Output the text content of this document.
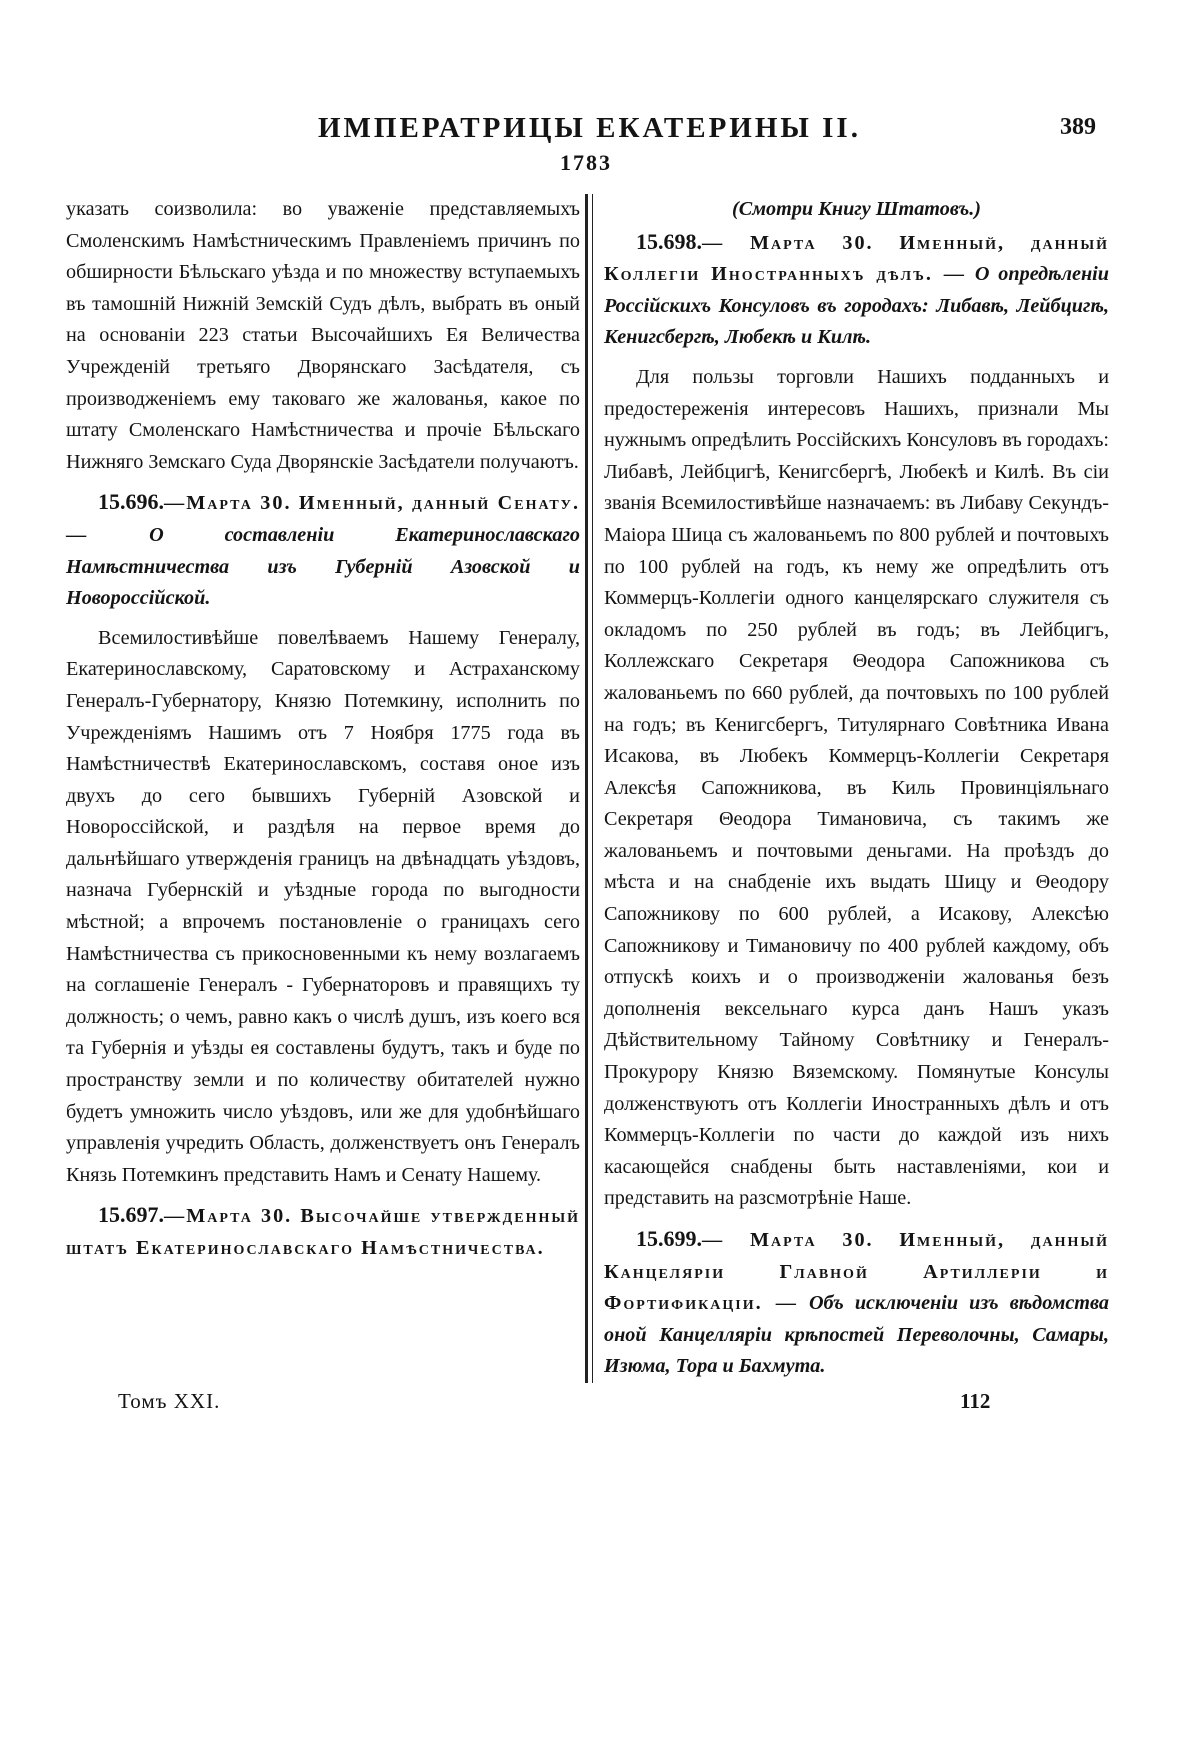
ИМПЕРАТРИЦЫ ЕКАТЕРИНЫ II.	389
1783
указать соизволила: во уваженіе представляемыхъ Смоленскимъ Намѣстническимъ Правленіемъ причинъ по обширности Бѣльскаго уѣзда и по множеству вступаемыхъ въ тамошній Нижній Земскій Судъ дѣлъ, выбрать въ оный на основаніи 223 статьи Высочайшихъ Ея Величества Учрежденій третьяго Дворянскаго Засѣдателя, съ производженіемъ ему таковаго же жалованья, какое по штату Смоленскаго Намѣстничества и прочіе Бѣльскаго Нижняго Земскаго Суда Дворянскіе Засѣдатели получаютъ.
15.696.—Марта 30. Именный, данный Сенату. —	О составленіи Екатеринославскаго Намѣстничества изъ Губерній Азовской и Новороссійской.
Всемилостивѣйше повелѣваемъ Нашему Генералу, Екатеринославскому, Саратовскому и Астраханскому Генералъ-Губернатору, Князю Потемкину, исполнить по Учрежденіямъ Нашимъ отъ 7 Ноября 1775 года въ Намѣстничествѣ Екатеринославскомъ, составя оное изъ двухъ до сего бывшихъ Губерній Азовской и Новороссійской, и раздѣля на первое время до дальнѣйшаго утвержденія границъ на двѣнадцать уѣздовъ, назнача Губернскій и уѣздные города по выгодности мѣстной; а впрочемъ постановленіе о границахъ сего Намѣстничества съ прикосновенными къ нему возлагаемъ на соглашеніе Генералъ - Губернаторовъ и правящихъ ту должность; о чемъ, равно какъ о числѣ душъ, изъ коего вся та Губернія и уѣзды ея составлены будутъ, такъ и буде по пространству земли и по количеству обитателей нужно будетъ умножить число уѣздовъ, или же для удобнѣйшаго управленія учредить Область, долженствуетъ онъ Генералъ Князь Потемкинъ представить Намъ и Сенату Нашему.
15.697.—Марта 30. Высочайше утвержденный штатъ Екатеринославскаго Намѣстничества.
(Смотри Книгу Штатовъ.)
15.698.— Марта 30. Именный, данный Коллегіи Иностранныхъ дѣлъ. — О опредѣленіи Россійскихъ Консуловъ въ городахъ: Либавѣ, Лейбцигѣ, Кенигсбергѣ, Любекѣ и Килѣ.
Для пользы торговли Нашихъ подданныхъ и предостереженія интересовъ Нашихъ, признали Мы нужнымъ опредѣлить Россійскихъ Консуловъ въ городахъ: Либавѣ, Лейбцигѣ, Кенигсбергѣ, Любекѣ и Килѣ. Въ сіи званія Всемилостивѣйше назначаемъ: въ Либаву Секундъ-Маіора Шица съ жалованьемъ по 800 рублей и почтовыхъ по 100 рублей на годъ, къ нему же опредѣлить отъ Коммерцъ-Коллегіи одного канцелярскаго служителя съ окладомъ по 250 рублей въ годъ; въ Лейбцигъ, Коллежскаго Секретаря Θеодора Сапожникова съ жалованьемъ по 660 рублей, да почтовыхъ по 100 рублей на годъ; въ Кенигсбергъ, Титулярнаго Совѣтника Ивана Исакова, въ Любекъ Коммерцъ-Коллегіи Секретаря Алексѣя Сапожникова, въ Киль Провинціяльнаго Секретаря Θеодора Тимановича, съ такимъ же жалованьемъ и почтовыми деньгами. На проѣздъ до мѣста и на снабденіе ихъ выдать Шицу и Θеодору Сапожникову по 600 рублей, а Исакову, Алексѣю Сапожникову и Тимановичу по 400 рублей каждому, объ отпускѣ коихъ и о производженіи жалованья безъ дополненія вексельнаго курса данъ Нашъ указъ Дѣйствительному Тайному Совѣтнику и Генералъ-Прокурору Князю Вяземскому. Помянутые Консулы долженствуютъ отъ Коллегіи Иностранныхъ дѣлъ и отъ Коммерцъ-Коллегіи по части до каждой изъ нихъ касающейся снабдены быть наставленіями, кои и представить на разсмотрѣніе Наше.
15.699.— Марта 30. Именный, данный Канцелярiи Главной Артиллерiи и Фортификацiи. — Объ исключеніи изъ вѣдомства оной Канцелляріи крѣпостей Переволочны, Самары, Изюма, Тора и Бахмута.
Томъ XXI.	112
